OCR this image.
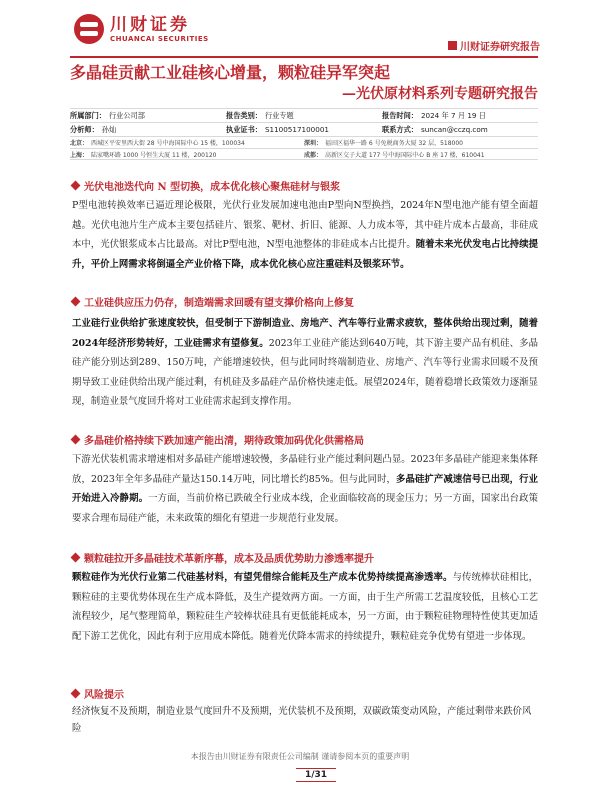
川财证券
CHUANCAI SECURITIES
川财证券研究报告
多晶硅贡献工业硅核心增量，颗粒硅异军突起
—光伏原材料系列专题研究报告
所属部门： 行业公司部	报告类别： 行业专题	报告时间： 2024 年 7 月 19 日
分析师： 孙灿	执业证书： S1100517100001	联系方式： suncan@cczq.com
北京： 西城区平安里西大街 28 号中海国际中心 15 楼，100034	深圳： 福田区福华一路 6 号免税商务大厦 32 层，518000
上海： 陆家嘴环路 1000 号恒生大厦 11 楼，200120	成都： 高新区交子大道 177 号中海国际中心 B 座 17 楼，610041
光伏电池迭代向 N 型切换，成本优化核心聚焦硅材与银浆
P型电池转换效率已逼近理论极限，光伏行业发展加速电池由P型向N型换挡，2024年N型电池产能有望全面超越。光伏电池片生产成本主要包括硅片、银浆、靶材、折旧、能源、人力成本等，其中硅片成本占最高，非硅成本中，光伏银浆成本占比最高。对比P型电池，N型电池整体的非硅成本占比提升。随着未来光伏发电占比持续提升，平价上网需求将倒逼全产业价格下降，成本优化核心应注重硅料及银浆环节。
工业硅供应压力仍存，制造端需求回暖有望支撑价格向上修复
工业硅行业供给扩张速度较快，但受制于下游制造业、房地产、汽车等行业需求疲软，整体供给出现过剩，随着2024年经济形势转好，工业硅需求有望修复。2023年工业硅产能达到640万吨，其下游主要产品有机硅、多晶硅产能分别达到289、150万吨，产能增速较快，但与此同时终端制造业、房地产、汽车等行业需求回暖不及预期导致工业硅供给出现产能过剩，有机硅及多晶硅产品价格快速走低。展望2024年，随着稳增长政策效力逐渐显现，制造业景气度回升将对工业硅需求起到支撑作用。
多晶硅价格持续下跌加速产能出清，期待政策加码优化供需格局
下游光伏装机需求增速相对多晶硅产能增速较慢，多晶硅行业产能过剩问题凸显。2023年多晶硅产能迎来集体释放，2023年全年多晶硅产量达150.14万吨，同比增长约85%。但与此同时，多晶硅扩产减速信号已出现，行业开始进入冷静期。一方面，当前价格已跌破全行业成本线，企业面临较高的现金压力；另一方面，国家出台政策要求合理布局硅产能，未来政策的细化有望进一步规范行业发展。
颗粒硅拉开多晶硅技术革新序幕，成本及品质优势助力渗透率提升
颗粒硅作为光伏行业第二代硅基材料，有望凭借综合能耗及生产成本优势持续提高渗透率。与传统棒状硅相比，颗粒硅的主要优势体现在生产成本降低，及生产提效两方面。一方面，由于生产所需工艺温度较低，且核心工艺流程较少，尾气整理简单，颗粒硅生产较棒状硅具有更低能耗成本，另一方面，由于颗粒硅物理特性使其更加适配下游工艺优化，因此有利于应用成本降低。随着光伏降本需求的持续提升，颗粒硅竞争优势有望进一步体现。
风险提示
经济恢复不及预期，制造业景气度回升不及预期，光伏装机不及预期，双碳政策变动风险，产能过剩带来跌价风险
本报告由川财证券有限责任公司编制 谨请参阅本页的重要声明
1/31
